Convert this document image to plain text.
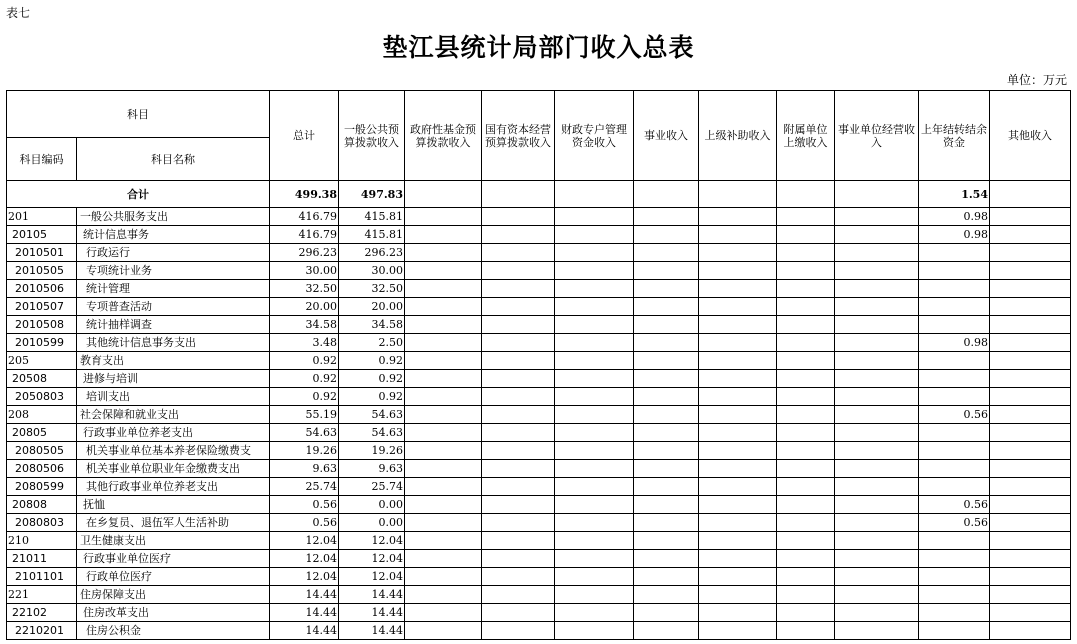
表七
垫江县统计局部门收入总表
单位：万元
科目		总计	一般公共预算拨款收入	政府性基金预算拨款收入	国有资本经营预算拨款收入	财政专户管理资金收入	事业收入	上级补助收入	附属单位上缴收入	事业单位经营收入	上年结转结余资金	其他收入
科目编码	科目名称											
合计		499.38	497.83								1.54	
201	一般公共服务支出	416.79	415.81								0.98	
20105	统计信息事务	416.79	415.81								0.98	
2010501	行政运行	296.23	296.23									
2010505	专项统计业务	30.00	30.00									
2010506	统计管理	32.50	32.50									
2010507	专项普查活动	20.00	20.00									
2010508	统计抽样调查	34.58	34.58									
2010599	其他统计信息事务支出	3.48	2.50								0.98	
205	教育支出	0.92	0.92									
20508	进修与培训	0.92	0.92									
2050803	培训支出	0.92	0.92									
208	社会保障和就业支出	55.19	54.63								0.56	
20805	行政事业单位养老支出	54.63	54.63									
2080505	机关事业单位基本养老保险缴费支	19.26	19.26									
2080506	机关事业单位职业年金缴费支出	9.63	9.63									
2080599	其他行政事业单位养老支出	25.74	25.74									
20808	抚恤	0.56	0.00								0.56	
2080803	在乡复员、退伍军人生活补助	0.56	0.00								0.56	
210	卫生健康支出	12.04	12.04									
21011	行政事业单位医疗	12.04	12.04									
2101101	行政单位医疗	12.04	12.04									
221	住房保障支出	14.44	14.44									
22102	住房改革支出	14.44	14.44									
2210201	住房公积金	14.44	14.44									
